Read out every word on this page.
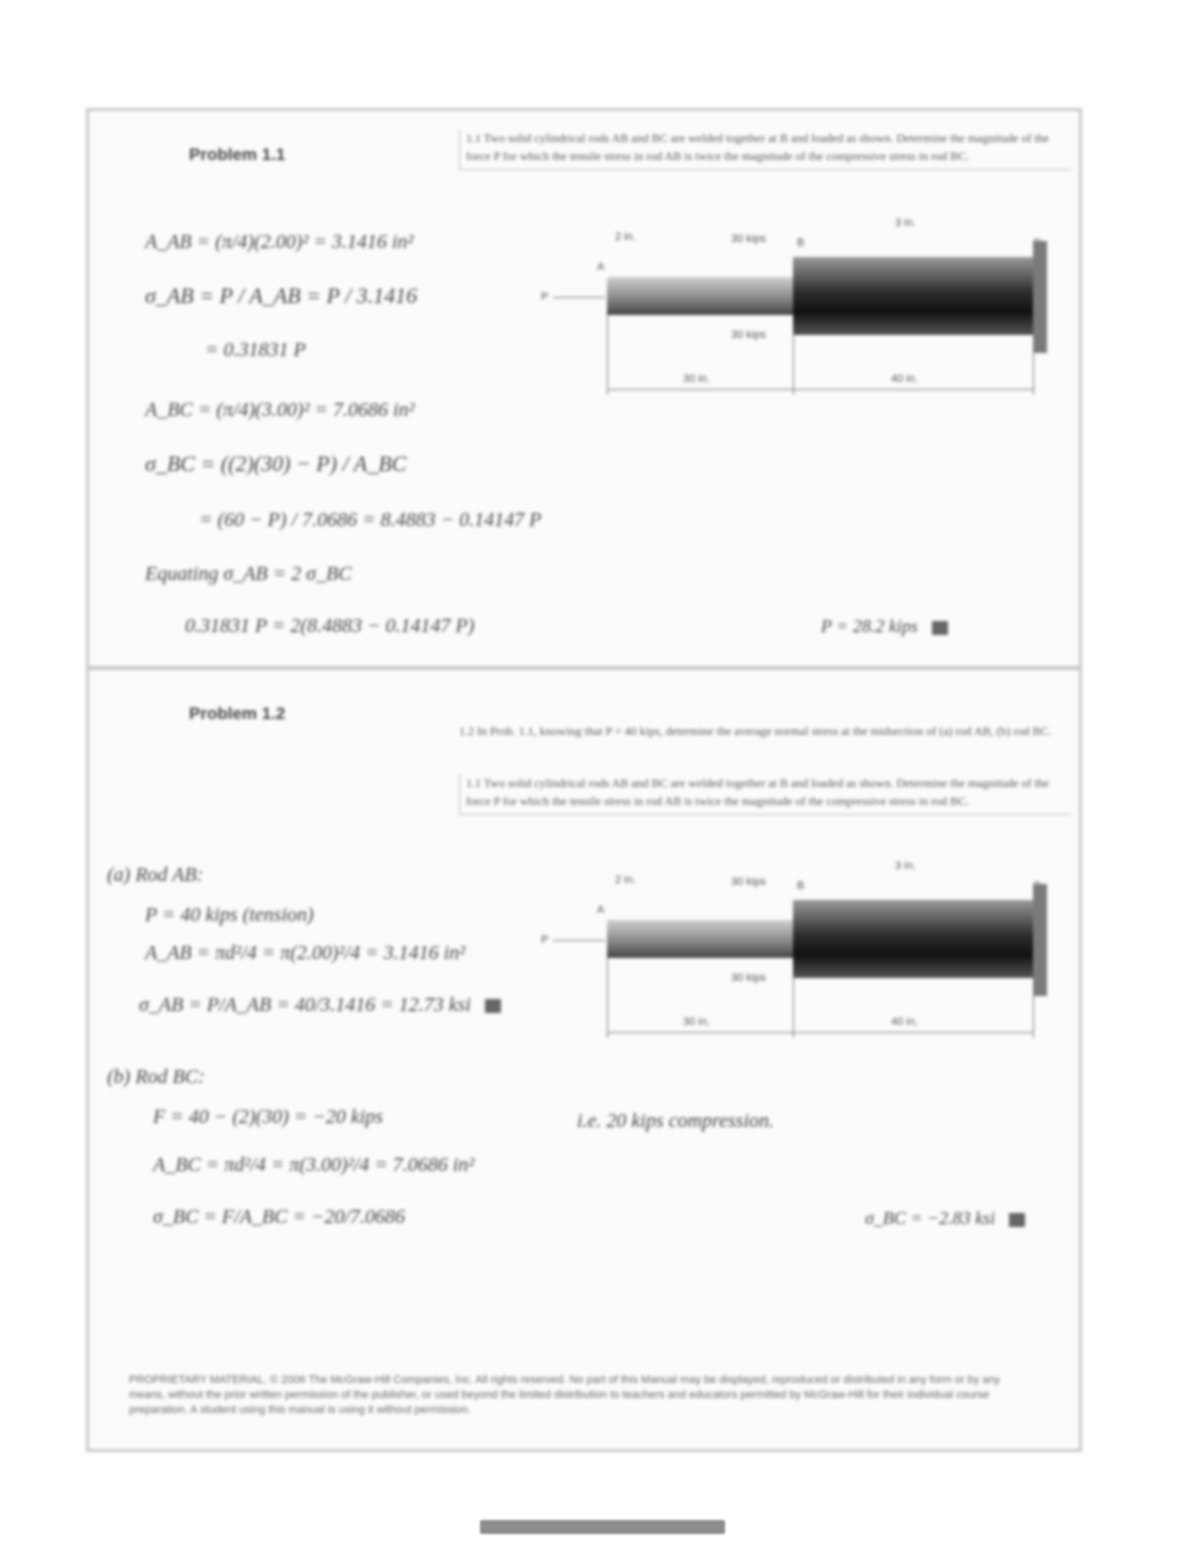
Problem 1.1
1.1 Two solid cylindrical rods AB and BC are welded together at B and loaded as shown. Determine the magnitude of the force P for which the tensile stress in rod AB is twice the magnitude of the compressive stress in rod BC.
A_AB = (π/4)(2.00)² = 3.1416 in²
σ_AB = P / A_AB = P / 3.1416
= 0.31831 P
A_BC = (π/4)(3.00)² = 7.0686 in²
σ_BC = ((2)(30) − P) / A_BC
= (60 − P) / 7.0686 = 8.4883 − 0.14147 P
Equating σ_AB = 2 σ_BC
0.31831 P = 2(8.4883 − 0.14147 P)	P = 28.2 kips
2 in.	30 kips
3 in.
A
B
P
30 kips
30 in.	40 in.
Problem 1.2
1.2 In Prob. 1.1, knowing that P = 40 kips, determine the average normal stress at the midsection of (a) rod AB, (b) rod BC.
1.1 Two solid cylindrical rods AB and BC are welded together at B and loaded as shown. Determine the magnitude of the force P for which the tensile stress in rod AB is twice the magnitude of the compressive stress in rod BC.
(a) Rod AB:
P = 40 kips (tension)
A_AB = πd²/4 = π(2.00)²/4 = 3.1416 in²
σ_AB = P/A_AB = 40/3.1416 = 12.73 ksi
(b) Rod BC:
F = 40 − (2)(30) = −20 kips	i.e. 20 kips compression.
A_BC = πd²/4 = π(3.00)²/4 = 7.0686 in²
σ_BC = F/A_BC = −20/7.0686	σ_BC = −2.83 ksi
2 in.	30 kips
3 in.
A
B
P
30 kips
30 in.	40 in.
PROPRIETARY MATERIAL. © 2006 The McGraw-Hill Companies, Inc. All rights reserved. No part of this Manual may be displayed, reproduced or distributed in any form or by any means, without the prior written permission of the publisher, or used beyond the limited distribution to teachers and educators permitted by McGraw-Hill for their individual course preparation. A student using this manual is using it without permission.
